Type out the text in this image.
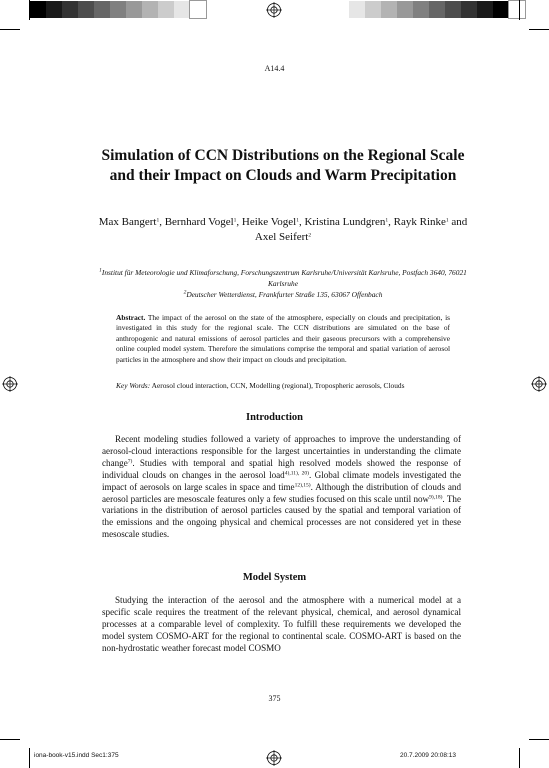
A14.4
Simulation of CCN Distributions on the Regional Scale and their Impact on Clouds and Warm Precipitation
Max Bangert$^1$, Bernhard Vogel$^1$, Heike Vogel$^1$, Kristina Lundgren$^1$, Rayk Rinke$^1$ and Axel Seifert$^2$
$^1$Institut für Meteorologie und Klimaforschung, Forschungszentrum Karlsruhe/Universität Karlsruhe, Postfach 3640, 76021 Karlsruhe
$^2$Deutscher Wetterdienst, Frankfurter Straße 135, 63067 Offenbach
Abstract. The impact of the aerosol on the state of the atmosphere, especially on clouds and precipitation, is investigated in this study for the regional scale. The CCN distributions are simulated on the base of anthropogenic and natural emissions of aerosol particles and their gaseous precursors with a comprehensive online coupled model system. Therefore the simulations comprise the temporal and spatial variation of aerosol particles in the atmosphere and show their impact on clouds and precipitation.
Key Words: Aerosol cloud interaction, CCN, Modelling (regional), Tropospheric aerosols, Clouds
Introduction

Recent modeling studies followed a variety of approaches to improve the understanding of aerosol-cloud interactions responsible for the largest uncertainties in understanding the climate change$^{7)}$. Studies with temporal and spatial high resolved models showed the response of individual clouds on changes in the aerosol load$^{4),11), 20)}$. Global climate models investigated the impact of aerosols on large scales in space and time$^{12),15)}$. Although the distribution of clouds and aerosol particles are mesoscale features only a few studies focused on this scale until now$^{9),18)}$. The variations in the distribution of aerosol particles caused by the spatial and temporal variation of the emissions and the ongoing physical and chemical processes are not considered yet in these mesoscale studies.

Model System

Studying the interaction of the aerosol and the atmosphere with a numerical model at a specific scale requires the treatment of the relevant physical, chemical, and aerosol dynamical processes at a comparable level of complexity. To fulfill these requirements we developed the model system COSMO-ART for the regional to continental scale. COSMO-ART is based on the non-hydrostatic weather forecast model COSMO

375
iona-book-v15.indd Sec1:375	20.7.2009 20:08:13
